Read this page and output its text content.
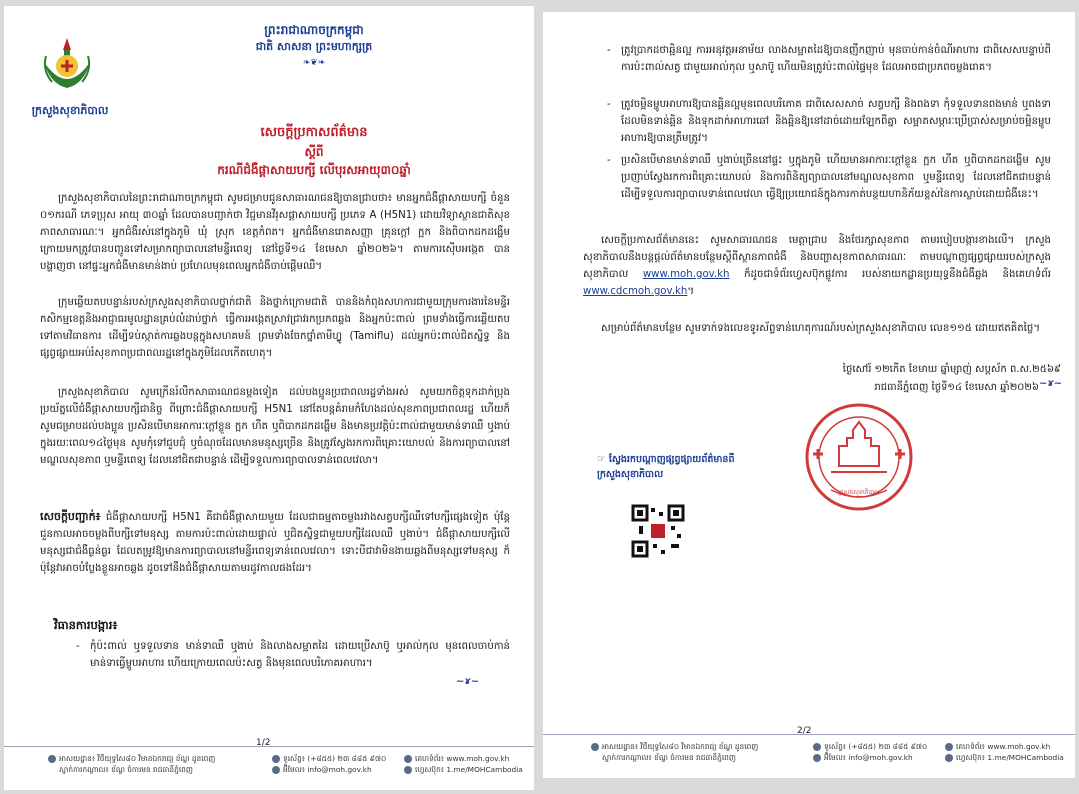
ក្រសួងសុខាភិបាល
ព្រះរាជាណាចក្រកម្ពុជា
ជាតិ សាសនា ព្រះមហាក្សត្រ
❧❦❧
សេចក្តីប្រកាសព័ត៌មាន
ស្តីពី
ករណីជំងឺផ្តាសាយបក្សី លើបុរសអាយុ៣០ឆ្នាំ
ក្រសួងសុខាភិបាលនៃព្រះរាជាណាចក្រកម្ពុជា សូមជម្រាបជូនសាធារណជនឱ្យបានជ្រាបថា៖ មានអ្នកជំងឺផ្តាសាយបក្សី ចំនួន ០១ករណី ភេទប្រុស អាយុ ៣០ឆ្នាំ ដែលបានបញ្ជាក់ថា វិជ្ជមានវីរុសផ្តាសាយបក្សី ប្រភេទ A (H5N1) ដោយវិទ្យាស្ថានជាតិសុខភាពសាធារណៈ។ អ្នកជំងឺរស់នៅក្នុងភូមិ ឃុំ ស្រុក ខេត្តកំពត។ អ្នកជំងឺមានរោគសញ្ញា គ្រុនក្តៅ ក្អក និងពិបាកដកដង្ហើម ក្រោយមកត្រូវបានបញ្ជូនទៅសម្រាកព្យាបាលនៅមន្ទីរពេទ្យ នៅថ្ងៃទី១៤ ខែមេសា ឆ្នាំ២០២៦។ តាមការស៊ើបអង្កេត បានបង្ហាញថា នៅផ្ទះអ្នកជំងឺមានមាន់ងាប់ ប្រហែលមុនពេលអ្នកជំងឺចាប់ផ្តើមឈឺ។
ក្រុមឆ្លើយតបបន្ទាន់របស់ក្រសួងសុខាភិបាលថ្នាក់ជាតិ និងថ្នាក់ក្រោមជាតិ បាននិងកំពុងសហការជាមួយក្រុមការងារនៃមន្ទីរកសិកម្មខេត្តនិងអាជ្ញាធរមូលដ្ឋានគ្រប់លំដាប់ថ្នាក់ ធ្វើការអង្កេតស្រាវជ្រាវរកប្រភពឆ្លង និងអ្នកប៉ះពាល់ ព្រមទាំងធ្វើការឆ្លើយតបទៅតាមវិធានការ ដើម្បីទប់ស្កាត់ការឆ្លងបន្តក្នុងសហគមន៍ ព្រមទាំងចែកថ្នាំតាមីហ្វ្លូ (Tamiflu) ដល់អ្នកប៉ះពាល់ជិតស្និទ្ធ និងផ្សព្វផ្សាយអប់រំសុខភាពប្រជាពលរដ្ឋនៅក្នុងភូមិដែលកើតហេតុ។
ក្រសួងសុខាភិបាល សូមក្រើនរំលឹកសាធារណជនម្តងទៀត ដល់បងប្អូនប្រជាពលរដ្ឋទាំងអស់ សូមយកចិត្តទុកដាក់ប្រុងប្រយ័ត្នលើជំងឺផ្តាសាយបក្សីជានិច្ច ពីព្រោះជំងឺផ្តាសាយបក្សី H5N1 នៅតែបន្តគំរាមកំហែងដល់សុខភាពប្រជាពលរដ្ឋ ហើយក៏សូមជម្រាបដល់បងប្អូន ប្រសិនបើមានអាការៈក្តៅខ្លួន ក្អក ហឺត ឬពិបាកដកដង្ហើម និងមានប្រវត្តិប៉ះពាល់ជាមួយមាន់ទាឈឺ ឬងាប់ក្នុងរយៈពេល១៤ថ្ងៃមុន សូមកុំទៅជួបជុំ ឬចំណុចដែលមានមនុស្សច្រើន និងត្រូវស្វែងរកការពិគ្រោះយោបល់ និងការព្យាបាលនៅមណ្ឌលសុខភាព ឬមន្ទីរពេទ្យ ដែលនៅជិតជាបន្ទាន់ ដើម្បីទទួលការព្យាបាលទាន់ពេលវេលា។
សេចក្តីបញ្ជាក់៖ ជំងឺផ្តាសាយបក្សី H5N1 គឺជាជំងឺផ្តាសាយមួយ ដែលជាធម្មតាចម្លងរវាងសត្វបក្សីឈឺទៅបក្សីផ្សេងទៀត ប៉ុន្តែជួនកាលអាចចម្លងពីបក្សីទៅមនុស្ស តាមការប៉ះពាល់ដោយផ្ទាល់ ឬជិតស្និទ្ធជាមួយបក្សីដែលឈឺ ឬងាប់។ ជំងឺផ្តាសាយបក្សីលើមនុស្សជាជំងឺធ្ងន់ធ្ងរ ដែលតម្រូវឱ្យមានការព្យាបាលនៅមន្ទីរពេទ្យទាន់ពេលវេលា។ ទោះបីជាវាមិនងាយឆ្លងពីមនុស្សទៅមនុស្ស ក៏ប៉ុន្តែវាអាចបំប្លែងខ្លួនអាចឆ្លង ដូចទៅនឹងជំងឺផ្តាសាយតាមរដូវកាលផងដែរ។
វិធានការបង្ការ៖
- កុំប៉ះពាល់ ឬទទួលទាន មាន់ទាឈឺ ឬងាប់ និងលាងសម្អាតដៃ ដោយប្រើសាប៊ូ ឬអាល់កុល មុនពេលចាប់កាន់មាន់ទាធ្វើម្ហូបអាហារ ហើយក្រោយពេលប៉ះសត្វ និងមុនពេលបរិភោគអាហារ។
~ɤ~
1/2
អាសយដ្ឋាន៖ វិថីយុទ្ធសៃ៨០ វិមានឯករាជ្យ ខ័ណ្ឌ ដូនពេញ
ស្នាក់ការកណ្តាល៖ ខ័ណ្ឌ ចំការមន រាជធានីភ្នំពេញ
ទូរស័ព្ទ៖ (+៨៥៥) ២៣ ៨៨៥ ៩៧០
អ៊ីមែល៖ info@moh.gov.kh
គេហទំព័រ៖ www.moh.gov.kh
ហ្វេសប៊ុក៖ 1.me/MOHCambodia
- ត្រូវប្រាកដថាឆ្អិនល្អ ការអនុវត្តអនាម័យ លាងសម្អាតដៃឱ្យបានញឹកញាប់ មុនចាប់កាន់ចំណីអាហារ ជាពិសេសបន្ទាប់ពីការប៉ះពាល់សត្វ ជាមួយអាល់កុល ឬសាប៊ូ ហើយមិនត្រូវប៉ះពាល់ផ្ទៃមុខ ដែលអាចជាប្រភពចម្លងរោគ។
- ត្រូវចម្អិនម្ហូបអាហារឱ្យបានឆ្អិនល្អមុនពេលបរិភោគ ជាពិសេសសាច់ សត្វបក្សី និងពងទា កុំទទួលទានពងមាន់ ឬពងទាដែលមិនទាន់ឆ្អិន និងទុកដាក់អាហារឆៅ និងឆ្អិនឱ្យនៅដាច់ដោយឡែកពីគ្នា សម្អាតសម្ភារៈប្រើប្រាស់សម្រាប់ចម្អិនម្ហូបអាហារឱ្យបានត្រឹមត្រូវ។
- ប្រសិនបើមានមាន់ទាឈឺ ឬងាប់ច្រើននៅផ្ទះ ឬក្នុងភូមិ ហើយមានអាការៈក្តៅខ្លួន ក្អក ហឺត ឬពិបាកដកដង្ហើម សូមប្រញាប់ស្វែងរកការពិគ្រោះយោបល់ និងការពិនិត្យព្យាបាលនៅមណ្ឌលសុខភាព ឬមន្ទីរពេទ្យ ដែលនៅជិតជាបន្ទាន់ ដើម្បីទទួលការព្យាបាលទាន់ពេលវេលា ធ្វើឱ្យប្រយោជន៍ក្នុងការកាត់បន្ថយហានិភ័យខ្ពស់នៃការស្លាប់ដោយជំងឺនេះ។
សេចក្តីប្រកាសព័ត៌មាននេះ សូមសាធារណជន មេត្តាជ្រាប និងថែរក្សាសុខភាព តាមរបៀបបង្ការខាងលើ។ ក្រសួងសុខាភិបាលនឹងបន្តផ្តល់ព័ត៌មានបន្ថែមស្តីពីស្ថានភាពជំងឺ និងបញ្ហាសុខភាពសាធារណៈ តាមបណ្តាញផ្សព្វផ្សាយរបស់ក្រសួងសុខាភិបាល www.moh.gov.kh ក៏ដូចជាទំព័រហ្វេសប៊ុកផ្លូវការ របស់នាយកដ្ឋានប្រយុទ្ធនឹងជំងឺឆ្លង និងគេហទំព័រ www.cdcmoh.gov.kh។
សម្រាប់ព័ត៌មានបន្ថែម សូមទាក់ទងលេខទូរស័ព្ទទាន់ហេតុការណ៍របស់ក្រសួងសុខាភិបាល លេខ១១៥ ដោយឥតគិតថ្លៃ។
ថ្ងៃសៅរ៍ ១២កើត ខែមាឃ ឆ្នាំម្សាញ់ សប្តស័ក ព.ស.២៥៦៩
រាជធានីភ្នំពេញ ថ្ងៃទី១៤ ខែមេសា ឆ្នាំ២០២៦ ~ɤ~
ក្រសួងសុខាភិបាល
☞ ស្វែងរកបណ្តាញផ្សព្វផ្សាយព័ត៌មានពីក្រសួងសុខាភិបាល
2/2
អាសយដ្ឋាន៖ វិថីយុទ្ធសៃ៨០ វិមានឯករាជ្យ ខ័ណ្ឌ ដូនពេញ
ស្នាក់ការកណ្តាល៖ ខ័ណ្ឌ ចំការមន រាជធានីភ្នំពេញ
ទូរស័ព្ទ៖ (+៨៥៥) ២៣ ៨៨៥ ៩៧០
អ៊ីមែល៖ info@moh.gov.kh
គេហទំព័រ៖ www.moh.gov.kh
ហ្វេសប៊ុក៖ 1.me/MOHCambodia
